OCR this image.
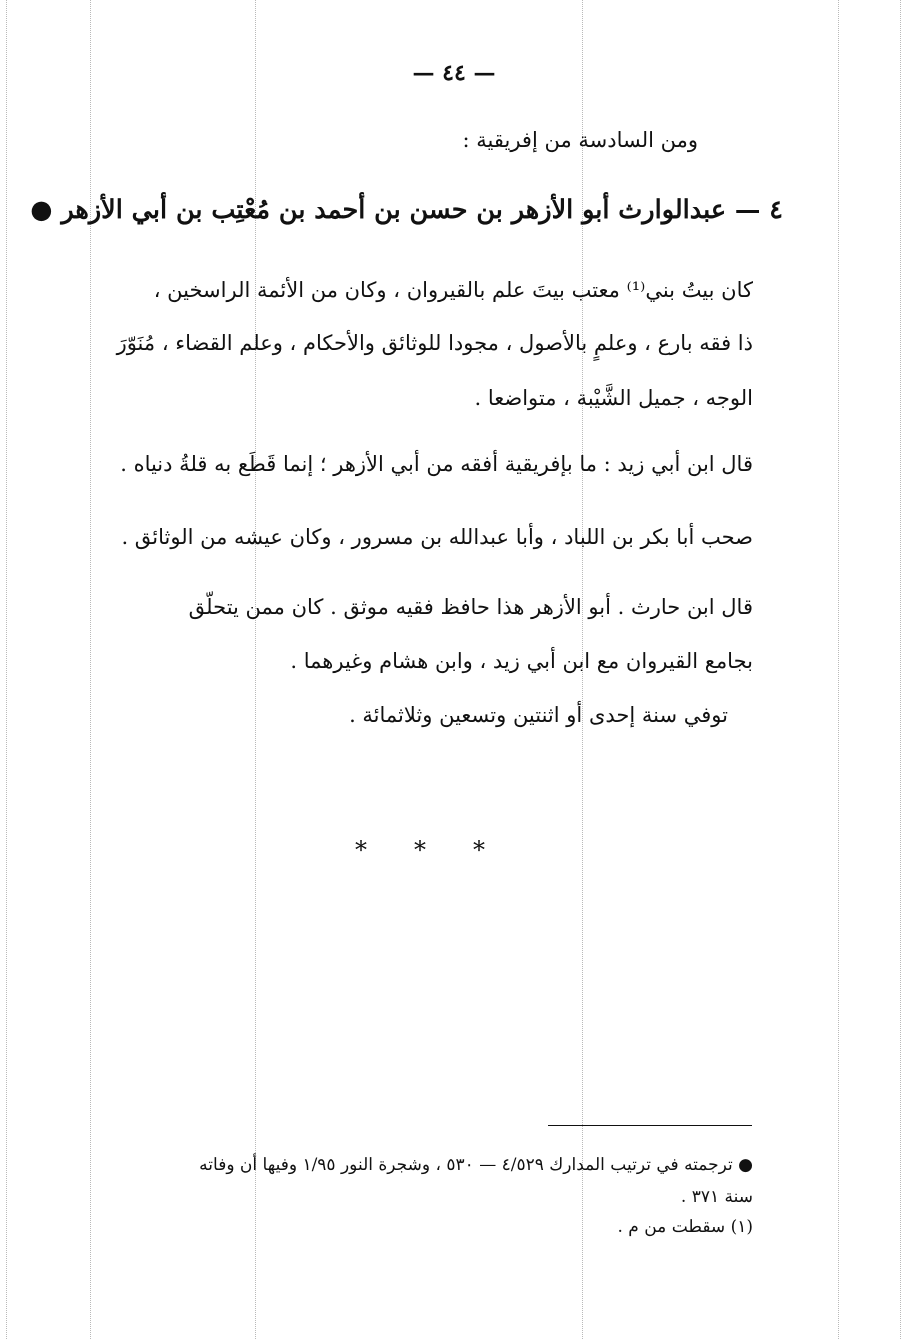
— ٤٤ —
ومن السادسة من إفريقية :
٤ — عبدالوارث أبو الأزهر بن حسن بن أحمد بن مُعْتِب بن أبي الأزهر ●
كان بيتُ بني⁽¹⁾ معتب بيتَ علم بالقيروان ، وكان من الأئمة الراسخين ،
ذا فقه بارع ، وعلمٍ بالأصول ، مجودا للوثائق والأحكام ، وعلم القضاء ، مُنَوّرَ
الوجه ، جميل الشَّيْبة ، متواضعا .
قال ابن أبي زيد : ما بإفريقية أفقه من أبي الأزهر ؛ إنما قَطَع به قلةُ دنياه .
صحب أبا بكر بن اللباد ، وأبا عبدالله بن مسرور ، وكان عيشه من الوثائق .
قال ابن حارث . أبو الأزهر هذا حافظ فقيه موثق . كان ممن يتحلّق
بجامع القيروان مع ابن أبي زيد ، وابن هشام وغيرهما .
توفي سنة إحدى أو اثنتين وتسعين وثلاثمائة .
* * *
● ترجمته في ترتيب المدارك ٤/٥٢٩ — ٥٣٠ ، وشجرة النور ١/٩٥ وفيها أن وفاته
سنة ٣٧١ .
(١) سقطت من م .
